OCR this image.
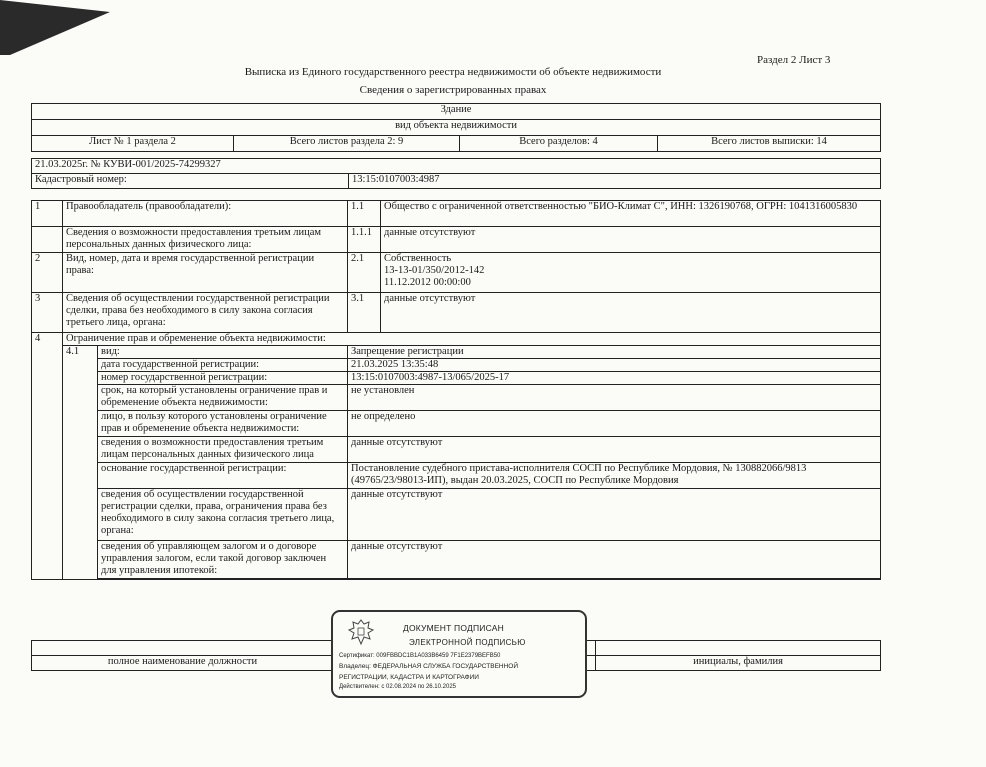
Раздел 2 Лист 3
Выписка из Единого государственного реестра недвижимости об объекте недвижимости
Сведения о зарегистрированных правах
Здание
вид объекта недвижимости
Лист № 1 раздела 2	Всего листов раздела 2: 9	Всего разделов: 4	Всего листов выписки: 14
21.03.2025г. № КУВИ-001/2025-74299327
Кадастровый номер:	13:15:0107003:4987
1	Правообладатель (правообладатели):		1.1	Общество с ограниченной ответственностью "БИО-Климат С", ИНН: 1326190768, ОГРН: 1041316005830
	Сведения о возможности предоставления третьим лицам персональных данных физического лица:		1.1.1	данные отсутствуют
2	Вид, номер, дата и время государственной регистрации права:		2.1	Собственность
13-13-01/350/2012-142
11.12.2012 00:00:00

3	Сведения об осуществлении государственной регистрации сделки, права без необходимого в силу закона согласия третьего лица, органа:		3.1	данные отсутствуют
4	Ограничение прав и обременение объекта недвижимости:			
	4.1	вид:	Запрещение регистрации	
		дата государственной регистрации:	21.03.2025 13:35:48	
		номер государственной регистрации:	13:15:0107003:4987-13/065/2025-17	
		срок, на который установлены ограничение прав и обременение объекта недвижимости:	не установлен	
		лицо, в пользу которого установлены ограничение прав и обременение объекта недвижимости:	не определено	
		сведения о возможности предоставления третьим лицам персональных данных физического лица	данные отсутствуют	
		основание государственной регистрации:	Постановление судебного пристава-исполнителя СОСП по Республике Мордовия, № 130882066/9813 (49765/23/98013-ИП), выдан 20.03.2025, СОСП по Республике Мордовия	
		сведения об осуществлении государственной регистрации сделки, права, ограничения права без необходимого в силу закона согласия третьего лица, органа:	данные отсутствуют	
		сведения об управляющем залогом и о договоре управления залогом, если такой договор заключен для управления ипотекой:	данные отсутствуют	

полное наименование должности		инициалы, фамилия
ДОКУМЕНТ ПОДПИСАН
ЭЛЕКТРОННОЙ ПОДПИСЬЮ
Сертификат: 009FBBDC1B1A033B6459 7F1E2379BEFB50
Владелец: ФЕДЕРАЛЬНАЯ СЛУЖБА ГОСУДАРСТВЕННОЙ
РЕГИСТРАЦИИ, КАДАСТРА И КАРТОГРАФИИ
Действителен: с 02.08.2024 по 26.10.2025
